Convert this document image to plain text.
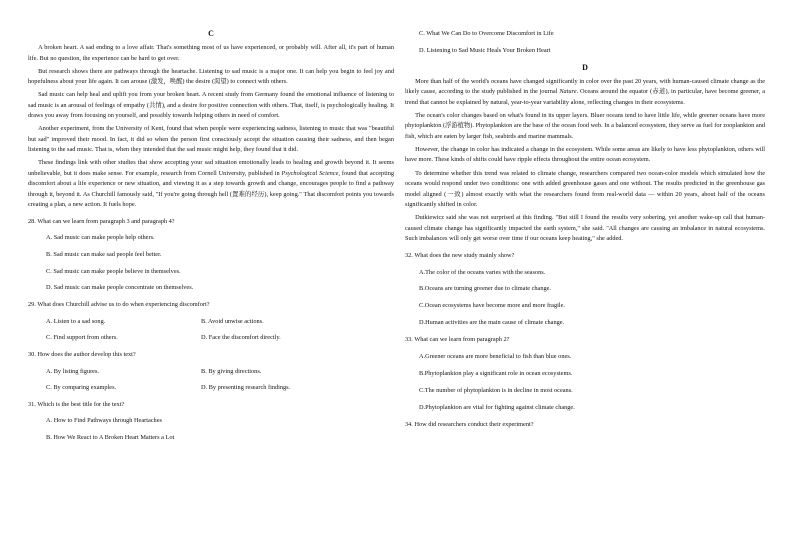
C

A broken heart. A sad ending to a love affair. That's something most of us have experienced, or probably will. After all, it's part of human life. But no question, the experience can be hard to get over.

But research shows there are pathways through the heartache. Listening to sad music is a major one. It can help you begin to feel joy and hopefulness about your life again. It can arouse (激发，唤醒) the desire (渴望) to connect with others.

Sad music can help heal and uplift you from your broken heart. A recent study from Germany found the emotional influence of listening to sad music is an arousal of feelings of empathy (共情), and a desire for positive connection with others. That, itself, is psychologically healing. It draws you away from focusing on yourself, and possibly towards helping others in need of comfort.

Another experiment, from the University of Kent, found that when people were experiencing sadness, listening to music that was "beautiful but sad" improved their mood. In fact, it did so when the person first consciously accept the situation causing their sadness, and then began listening to the sad music. That is, when they intended that the sad music might help, they found that it did.

These findings link with other studies that show accepting your sad situation emotionally leads to healing and growth beyond it. It seems unbelievable, but it does make sense. For example, research from Cornell University, published in Psychological Science, found that accepting discomfort about a life experience or new situation, and viewing it as a step towards growth and change, encourages people to find a pathway through it, beyond it. As Churchill famously said, "If you're going through hell (置难的经历), keep going." That discomfort points you towards creating a plan, a new action. It fuels hope.

28. What can we learn from paragraph 3 and paragraph 4?
A. Sad music can make people help others.
B. Sad music can make sad people feel better.
C. Sad music can make people believe in themselves.
D. Sad music can make people concentrate on themselves.
29. What does Churchill advise us to do when experiencing discomfort?
A. Listen to a sad song.	B. Avoid unwise actions.
C. Find support from others.	D. Face the discomfort directly.
30. How does the author develop this text?
A. By listing figures.	B. By giving directions.
C. By comparing examples.	D. By presenting research findings.
31. Which is the best title for the text?
A. How to Find Pathways through Heartaches
B. How We React to A Broken Heart Matters a Lot
C. What We Can Do to Overcome Discomfort in Life
D. Listening to Sad Music Heals Your Broken Heart
D

More than half of the world's oceans have changed significantly in color over the past 20 years, with human-caused climate change as the likely cause, according to the study published in the journal Nature. Oceans around the equator (赤道), in particular, have become greener, a trend that cannot be explained by natural, year-to-year variability alone, reflecting changes in their ecosystems.

The ocean's color changes based on what's found in its upper layers. Bluer oceans tend to have little life, while greener oceans have more phytoplankton (浮游植物). Phytoplankton are the base of the ocean food web. In a balanced ecosystem, they serve as fuel for zooplankton and fish, which are eaten by larger fish, seabirds and marine mammals.

However, the change in color has indicated a change in the ecosystem. While some areas are likely to have less phytoplankton, others will have more. These kinds of shifts could have ripple effects throughout the entire ocean ecosystem.

To determine whether this trend was related to climate change, researchers compared two ocean-color models which simulated how the oceans would respond under two conditions: one with added greenhouse gases and one without. The results predicted in the greenhouse gas model aligned (一致) almost exactly with what the researchers found from real-world data — within 20 years, about half of the oceans significantly shifted in color.

Dutkiewicz said she was not surprised at this finding. "But still I found the results very sobering, yet another wake-up call that human-caused climate change has significantly impacted the earth system," she said. "All changes are causing an imbalance in natural ecosystems. Such imbalances will only get worse over time if our oceans keep heating," she added.

32. What does the new study mainly show?
A.The color of the oceans varies with the seasons.
B.Oceans are turning greener due to climate change.
C.Ocean ecosystems have become more and more fragile.
D.Human activities are the main cause of climate change.
33. What can we learn from paragraph 2?
A.Greener oceans are more beneficial to fish than blue ones.
B.Phytoplankton play a significant role in ocean ecosystems.
C.The number of phytoplankton is in decline in most oceans.
D.Phytoplankton are vital for fighting against climate change.
34. How did researchers conduct their experiment?
